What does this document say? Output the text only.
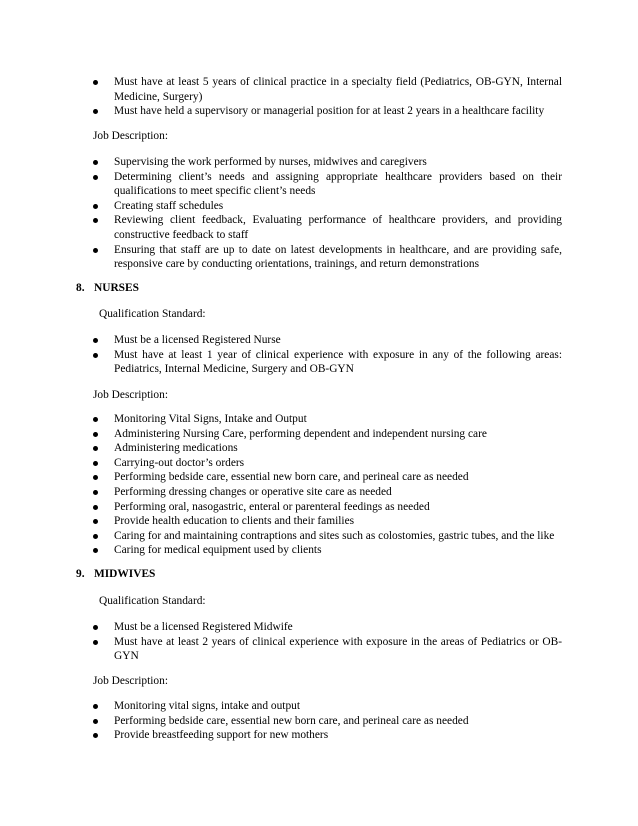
Must have at least 5 years of clinical practice in a specialty field (Pediatrics, OB-GYN, Internal Medicine, Surgery)
Must have held a supervisory or managerial position for at least 2 years in a healthcare facility
Job Description:
Supervising the work performed by nurses, midwives and caregivers
Determining client’s needs and assigning appropriate healthcare providers based on their qualifications to meet specific client’s needs
Creating staff schedules
Reviewing client feedback, Evaluating performance of healthcare providers, and providing constructive feedback to staff
Ensuring that staff are up to date on latest developments in healthcare, and are providing safe, responsive care by conducting orientations, trainings, and return demonstrations
8. NURSES
Qualification Standard:
Must be a licensed Registered Nurse
Must have at least 1 year of clinical experience with exposure in any of the following areas: Pediatrics, Internal Medicine, Surgery and OB-GYN
Job Description:
Monitoring Vital Signs, Intake and Output
Administering Nursing Care, performing dependent and independent nursing care
Administering medications
Carrying-out doctor’s orders
Performing bedside care, essential new born care, and perineal care as needed
Performing dressing changes or operative site care as needed
Performing oral, nasogastric, enteral or parenteral feedings as needed
Provide health education to clients and their families
Caring for and maintaining contraptions and sites such as colostomies, gastric tubes, and the like
Caring for medical equipment used by clients
9. MIDWIVES
Qualification Standard:
Must be a licensed Registered Midwife
Must have at least 2 years of clinical experience with exposure in the areas of Pediatrics or OB-GYN
Job Description:
Monitoring vital signs, intake and output
Performing bedside care, essential new born care, and perineal care as needed
Provide breastfeeding support for new mothers
